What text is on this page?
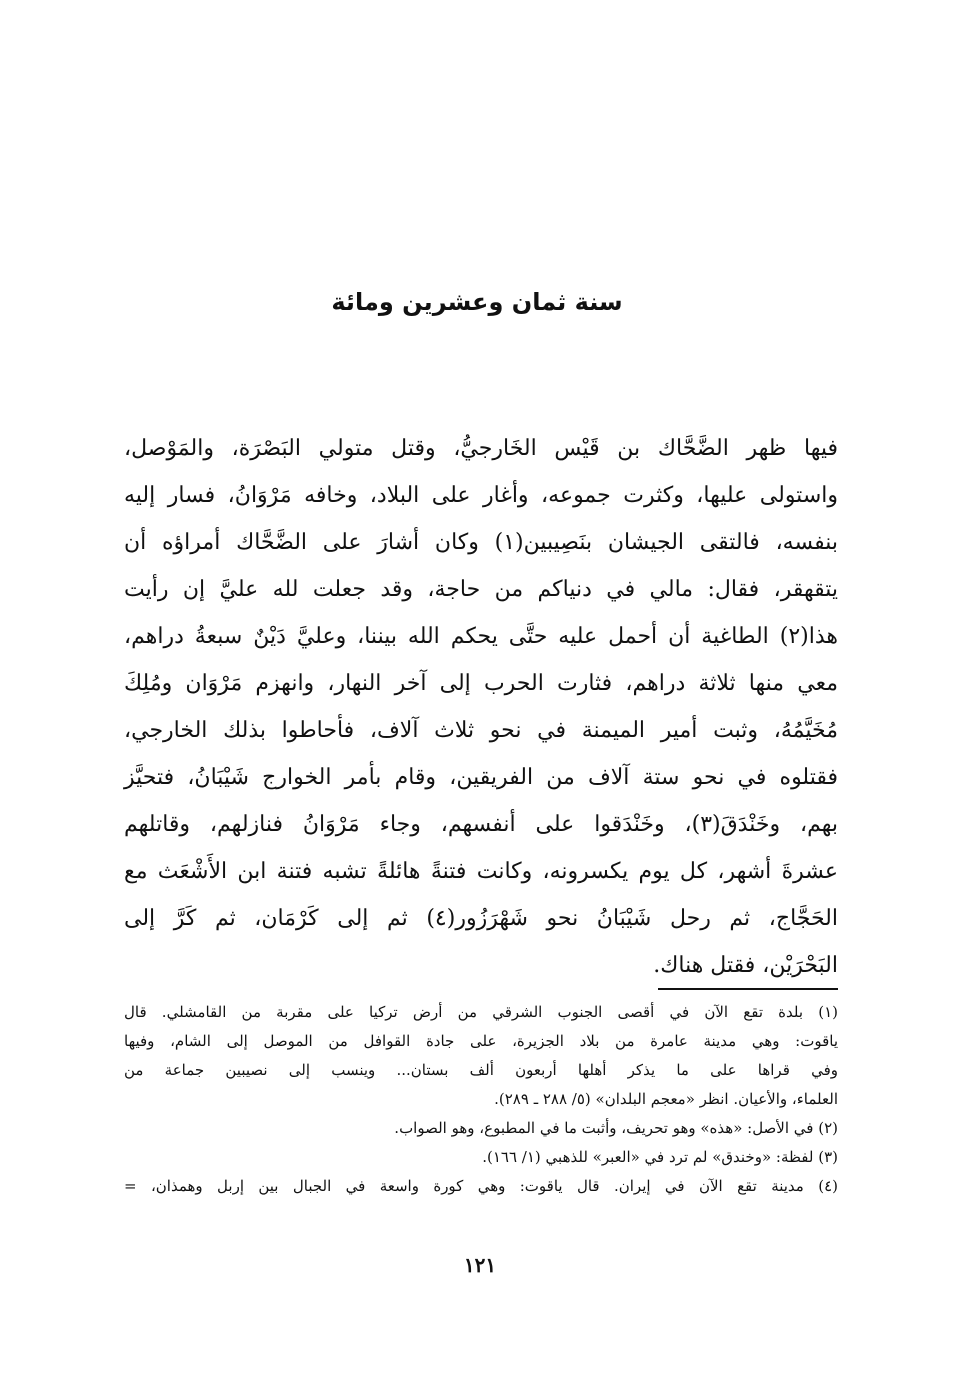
سنة ثمان وعشرين ومائة
فيها ظهر الضَّحَّاك بن قَيْس الخَارجيُّ، وقتل متولي البَصْرَة، والمَوْصل،
واستولى عليها، وكثرت جموعه، وأغار على البلاد، وخافه مَرْوَانُ، فسار إليه
بنفسه، فالتقى الجيشان بنَصِيبين(١) وكان أشارَ على الضَّحَّاك أمراؤه أن
يتقهقر، فقال: مالي في دنياكم من حاجة، وقد جعلت لله عليَّ إن رأيت
هذا(٢) الطاغية أن أحمل عليه حتَّى يحكم الله بيننا، وعليَّ دَيْنٌ سبعةُ دراهم،
معي منها ثلاثة دراهم، فثارت الحرب إلى آخر النهار، وانهزم مَرْوَان ومُلِكَ
مُخَيَّمُهُ، وثبت أمير الميمنة في نحو ثلاث آلاف، فأحاطوا بذلك الخارجي،
فقتلوه في نحو ستة آلاف من الفريقين، وقام بأمر الخوارج شَيْبَانُ، فتحيَّز
بهم، وخَنْدَقَ(٣)، وخَنْدَقوا على أنفسهم، وجاء مَرْوَانُ فنازلهم، وقاتلهم
عشرةَ أشهر، كل يوم يكسرونه، وكانت فتنةً هائلةً تشبه فتنة ابن الأَشْعَث مع
الحَجَّاج، ثم رحل شَيْبَانُ نحو شَهْرَزُور(٤) ثم إلى كَرْمَان، ثم كَرَّ إلى
البَحْرَيْن، فقتل هناك.
(١) بلدة تقع الآن في أقصى الجنوب الشرقي من أرض تركيا على مقربة من القامشلي. قال
ياقوت: وهي مدينة عامرة من بلاد الجزيرة، على جادة القوافل من الموصل إلى الشام، وفيها
وفي قراها على ما يذكر أهلها أربعون ألف بستان... وينسب إلى نصيبين جماعة من
العلماء، والأعيان. انظر «معجم البلدان» (٥/ ٢٨٨ ـ ٢٨٩).
(٢) في الأصل: «هذه» وهو تحريف، وأثبت ما في المطبوع، وهو الصواب.
(٣) لفظة: «وخندق» لم ترد في «العبر» للذهبي (١/ ١٦٦).
(٤) مدينة تقع الآن في إيران. قال ياقوت: وهي كورة واسعة في الجبال بين إربل وهمذان، =
١٢١
